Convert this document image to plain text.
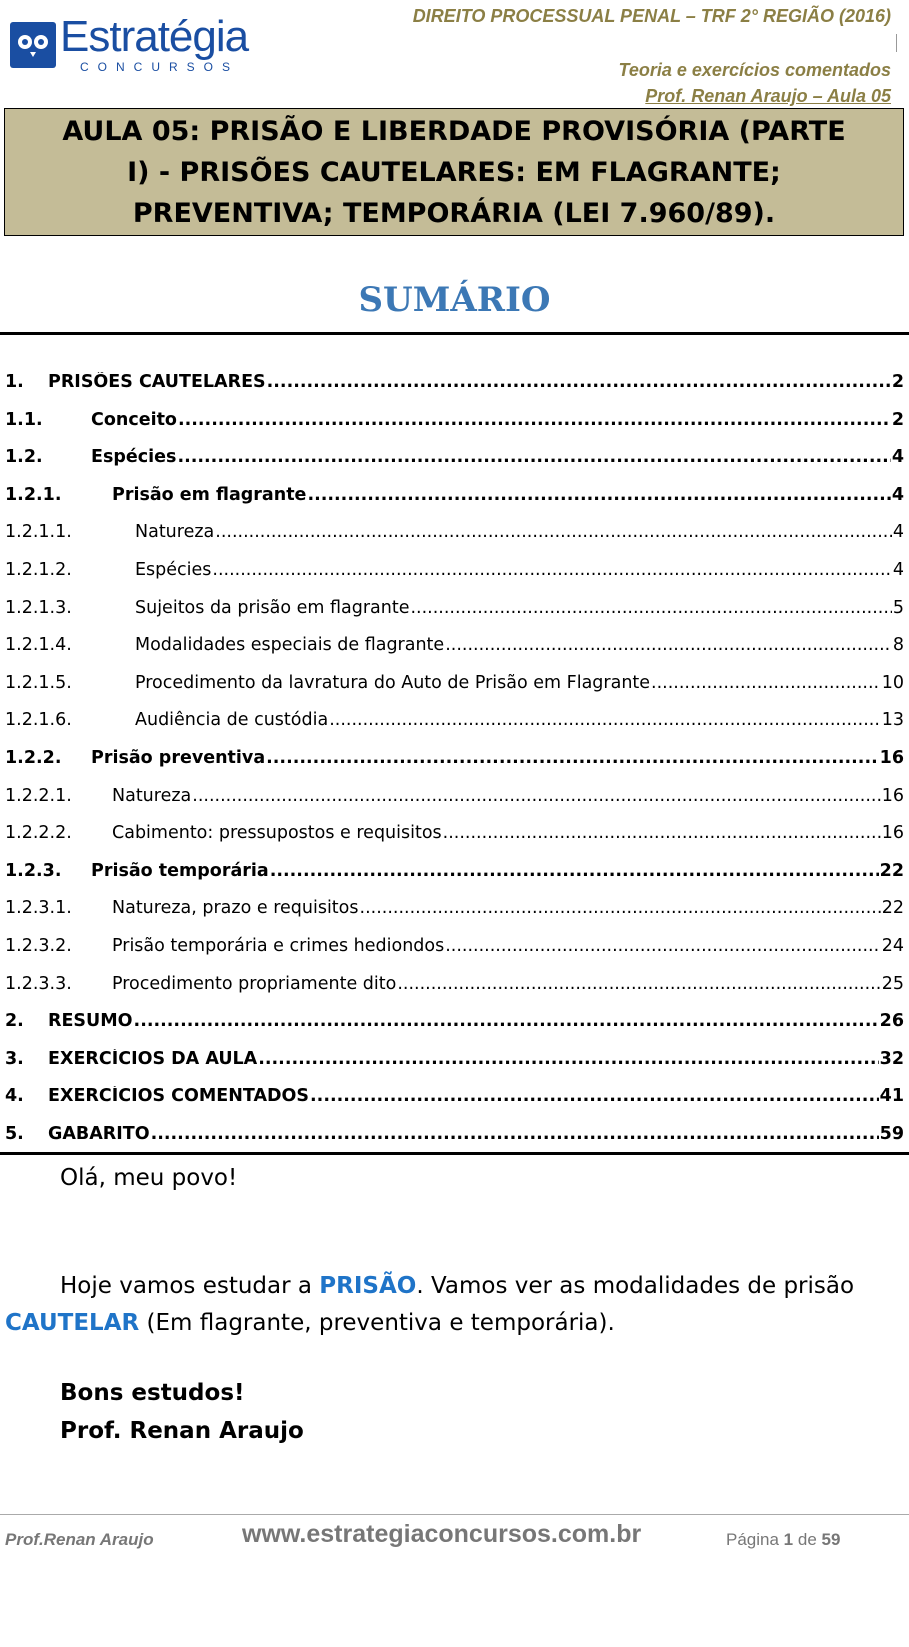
Estratégia
CONCURSOS
DIREITO PROCESSUAL PENAL – TRF 2° REGIÃO (2016)
Teoria e exercícios comentados
Prof. Renan Araujo – Aula 05
AULA 05: PRISÃO E LIBERDADE PROVISÓRIA (PARTE
I) - PRISÕES CAUTELARES: EM FLAGRANTE;
PREVENTIVA; TEMPORÁRIA (LEI 7.960/89).
SUMÁRIO
1.	PRISÕES CAUTELARES .....	2
1.1.	Conceito .....	2
1.2.	Espécies .....	4
1.2.1.	Prisão em flagrante .....	4
1.2.1.1.	Natureza .....	4
1.2.1.2.	Espécies .....	4
1.2.1.3.	Sujeitos da prisão em flagrante .....	5
1.2.1.4.	Modalidades especiais de flagrante .....	8
1.2.1.5.	Procedimento da lavratura do Auto de Prisão em Flagrante .....	10
1.2.1.6.	Audiência de custódia .....	13
1.2.2.	Prisão preventiva .....	16
1.2.2.1.	Natureza .....	16
1.2.2.2.	Cabimento: pressupostos e requisitos .....	16
1.2.3.	Prisão temporária .....	22
1.2.3.1.	Natureza, prazo e requisitos .....	22
1.2.3.2.	Prisão temporária e crimes hediondos .....	24
1.2.3.3.	Procedimento propriamente dito .....	25
2.	RESUMO .....	26
3.	EXERCÍCIOS DA AULA .....	32
4.	EXERCÍCIOS COMENTADOS .....	41
5.	GABARITO .....	59
Olá, meu povo!
Hoje vamos estudar a PRISÃO. Vamos ver as modalidades de prisão
CAUTELAR (Em flagrante, preventiva e temporária).
Bons estudos!
Prof. Renan Araujo
Prof.Renan Araujo	www.estrategiaconcursos.com.br	Página 1 de 59
